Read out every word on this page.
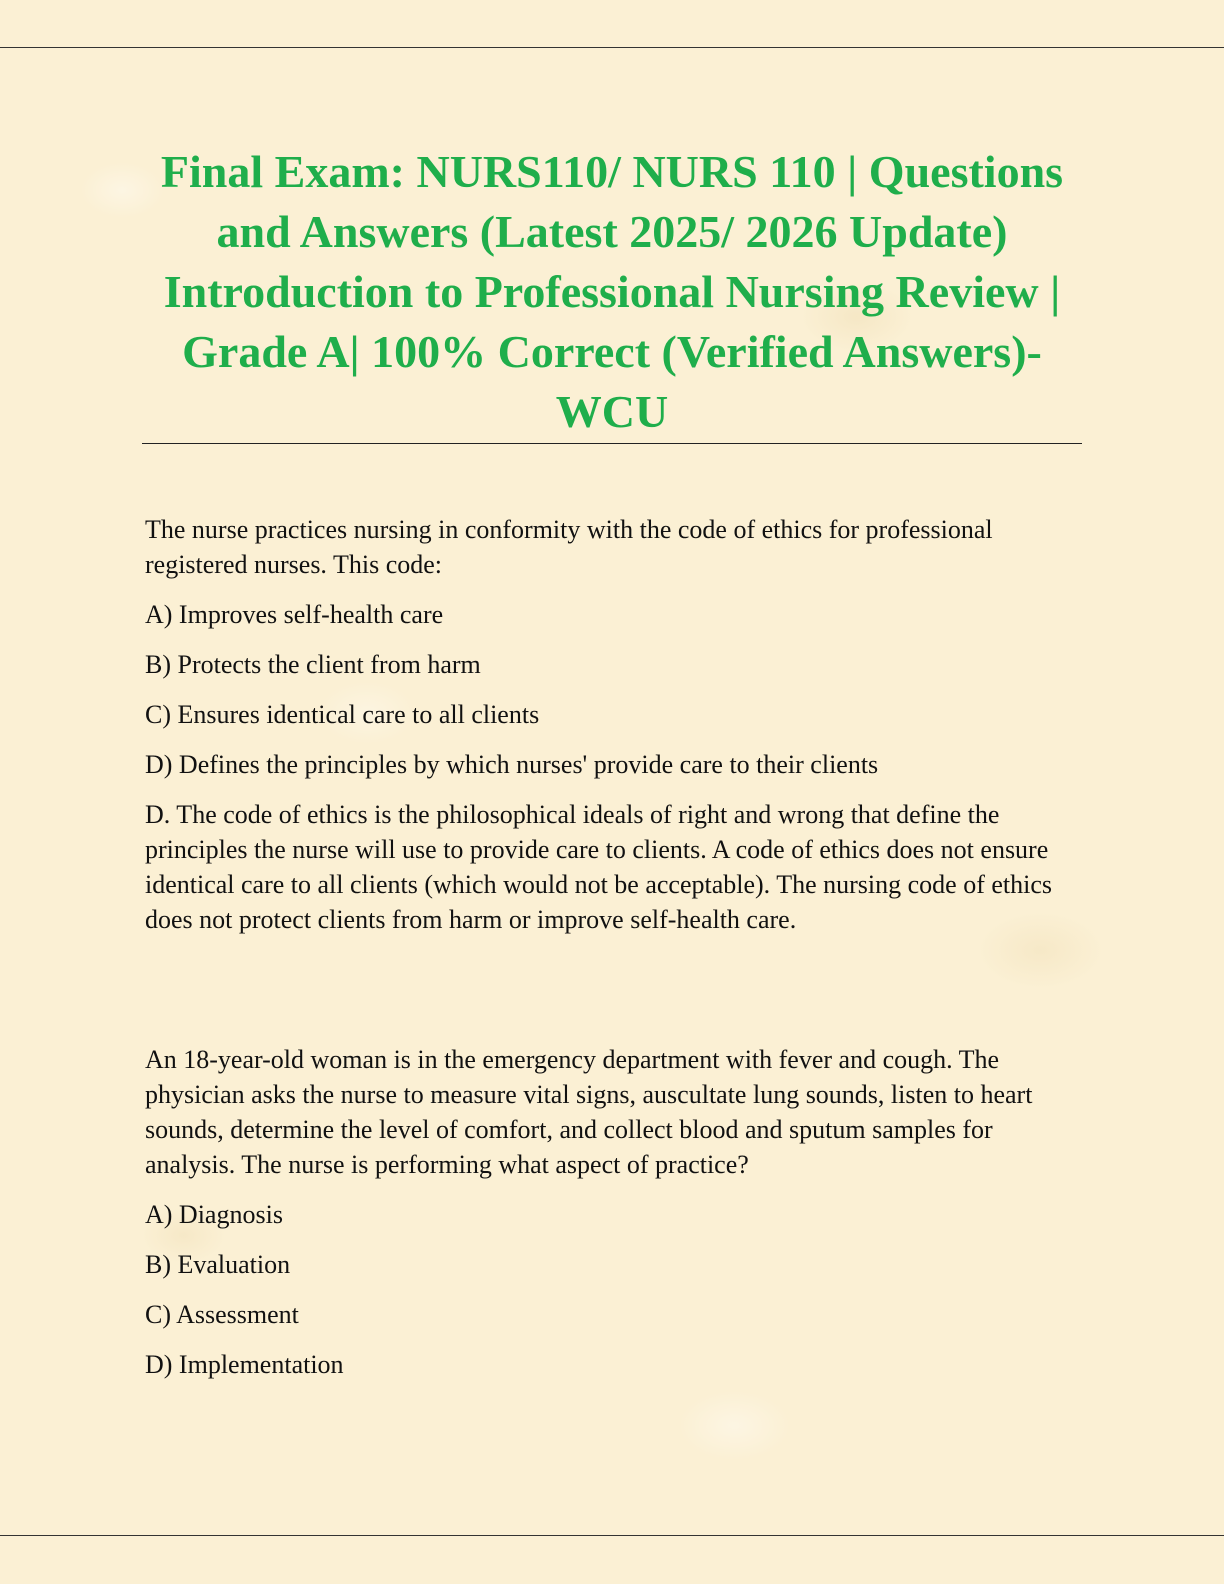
Final Exam: NURS110/ NURS 110 | Questions and Answers (Latest 2025/ 2026 Update) Introduction to Professional Nursing Review | Grade A| 100% Correct (Verified Answers)- WCU

The nurse practices nursing in conformity with the code of ethics for professional registered nurses. This code:

A) Improves self-health care

B) Protects the client from harm

C) Ensures identical care to all clients

D) Defines the principles by which nurses' provide care to their clients

D. The code of ethics is the philosophical ideals of right and wrong that define the principles the nurse will use to provide care to clients. A code of ethics does not ensure identical care to all clients (which would not be acceptable). The nursing code of ethics does not protect clients from harm or improve self-health care.

An 18-year-old woman is in the emergency department with fever and cough. The physician asks the nurse to measure vital signs, auscultate lung sounds, listen to heart sounds, determine the level of comfort, and collect blood and sputum samples for analysis. The nurse is performing what aspect of practice?

A) Diagnosis

B) Evaluation

C) Assessment

D) Implementation
